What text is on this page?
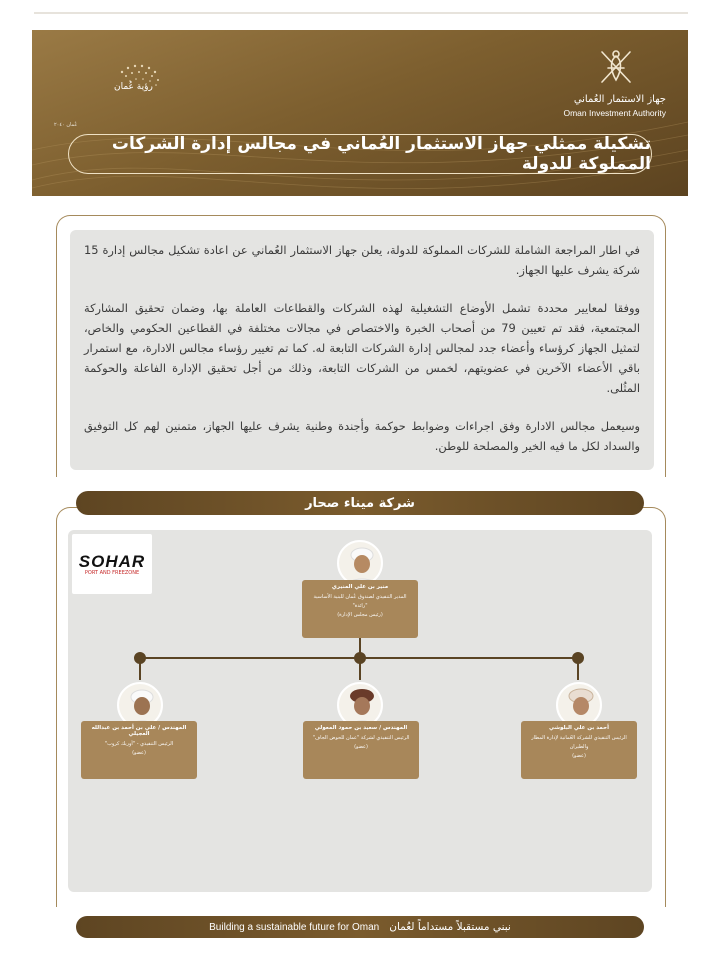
رؤية عُمان
عُمان ٢٠٤٠
جهاز الاستثمار العُماني
Oman Investment Authority
تشكيلة ممثلي جهاز الاستثمار العُماني في مجالس إدارة الشركات المملوكة للدولة

في اطار المراجعة الشاملة للشركات المملوكة للدولة، يعلن جهاز الاستثمار العُماني عن اعادة تشكيل مجالس إدارة 15 شركة يشرف عليها الجهاز.

ووفقا لمعايير محددة تشمل الأوضاع التشغيلية لهذه الشركات والقطاعات العاملة بها، وضمان تحقيق المشاركة المجتمعية، فقد تم تعيين 79 من أصحاب الخبرة والاختصاص في مجالات مختلفة في القطاعين الحكومي والخاص، لتمثيل الجهاز كرؤساء وأعضاء جدد لمجالس إدارة الشركات التابعة له. كما تم تغيير رؤساء مجالس الادارة، مع استمرار باقي الأعضاء الآخرين في عضويتهم، لخمس من الشركات التابعة، وذلك من أجل تحقيق الإدارة الفاعلة والحوكمة المثُلى.

وسيعمل مجالس الادارة وفق اجراءات وضوابط حوكمة وأجندة وطنية يشرف عليها الجهاز، متمنين لهم كل التوفيق والسداد لكل ما فيه الخير والمصلحة للوطن.

شركة ميناء صحار
SOHAR
PORT AND FREEZONE
منير بن علي المنيري
المدير التنفيذي لصندوق عُمان للبنية الأساسية "رائدة"
(رئيس مجلس الإدارة)
المهندس / علي بن أحمد بن عبدالله العجيلي
الرئيس التنفيذي - "أوربك كروب"
(عضو)
المهندس / سعيد بن حمود المعولي
الرئيس التنفيذي لشركة "عمان للحوض الجاف"
(عضو)
أحمد بن علي البلوشي
الرئيس التنفيذي للشركة العُمانية لإدارة المطار والطيران
(عضو)
Building a sustainable future for Oman نبني مستقبلاً مستداماً لعُمان
